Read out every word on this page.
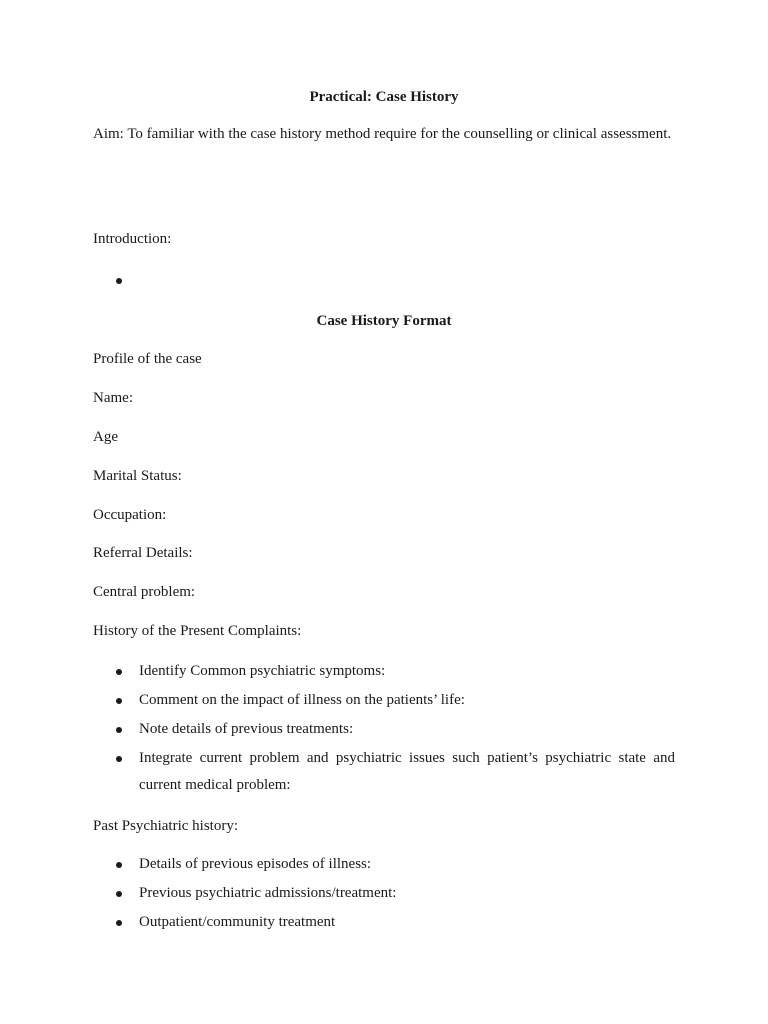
Practical: Case History
Aim: To familiar with the case history method require for the counselling or clinical assessment.
Introduction:
Case History Format
Profile of the case
Name:
Age
Marital Status:
Occupation:
Referral Details:
Central problem:
History of the Present Complaints:
Identify Common psychiatric symptoms:
Comment on the impact of illness on the patients’ life:
Note details of previous treatments:
Integrate current problem and psychiatric issues such patient’s psychiatric state and current medical problem:
Past Psychiatric history:
Details of previous episodes of illness:
Previous psychiatric admissions/treatment:
Outpatient/community treatment
